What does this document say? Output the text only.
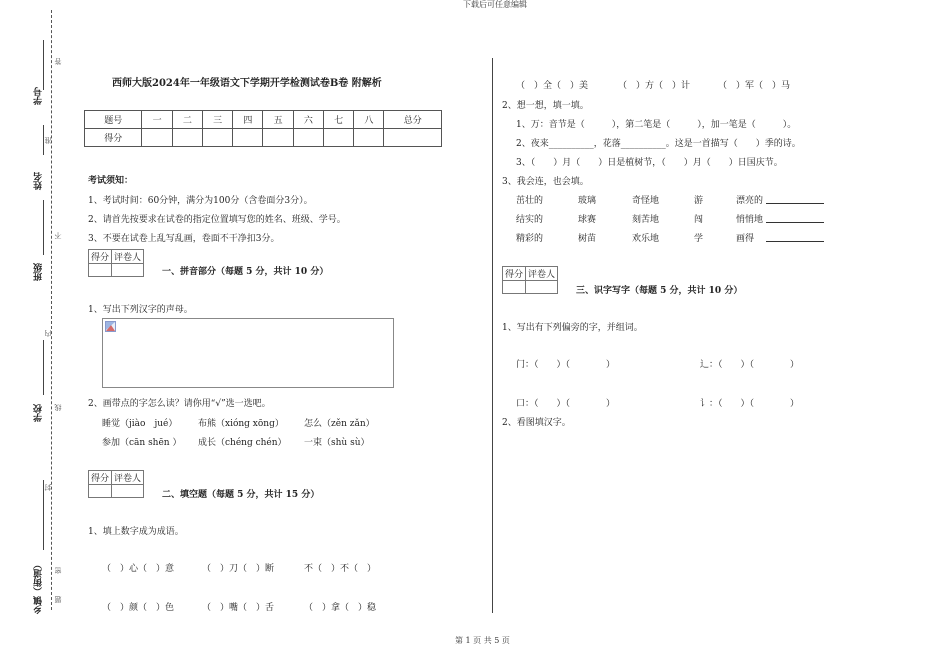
下载后可任意编辑
第 1 页 共 5 页
学号
姓名
班级
学校
乡镇（街道） 题
密
封
线
内
不
准
答
西师大版2024年一年级语文下学期开学检测试卷B卷 附解析
题号	一	二	三	四	五	六	七	八	总分
得分									
考试须知：
1、考试时间：60分钟，满分为100分（含卷面分3分）。
2、请首先按要求在试卷的指定位置填写您的姓名、班级、学号。
3、不要在试卷上乱写乱画，卷面不干净扣3分。
得分	评卷人

一、拼音部分（每题 5 分，共计 10 分）
1、写出下列汉字的声母。
2、画带点的字怎么读？请你用“√”选一选吧。
睡觉（jiào　jué） 布熊（xióng xōng） 怎么（zěn zǎn）
参加（cān shēn ） 成长（chéng chén） 一束（shù sù）
得分	评卷人

二、填空题（每题 5 分，共计 15 分）
1、填上数字成为成语。
（　）心（　）意	（　）刀（　）断	不（　）不（　）
（　）颜（　）色	（　）嘴（　）舌	（　）拿（　）稳
（　）全（　）美	（　）方（　）计	（　）军（　）马
2、想一想，填一填。
1、万：音节是（　　　），第二笔是（　　　），加一笔是（　　　）。
2、夜来__________，花落__________。这是一首描写（　　）季的诗。
3、（　　）月（　　）日是植树节，（　　）月（　　）日国庆节。
3、我会连，也会填。
茁壮的	玻璃	奇怪地	游	漂亮的
结实的	球赛	刻苦地	闯	悄悄地
精彩的	树苗	欢乐地	学	画得
得分	评卷人

三、识字写字（每题 5 分，共计 10 分）
1、写出有下列偏旁的字，并组词。
门：（　　）（　　　　）	辶：（　　）（　　　　）
口：（　　）（　　　　）	讠：（　　）（　　　　）
2、看图填汉字。
